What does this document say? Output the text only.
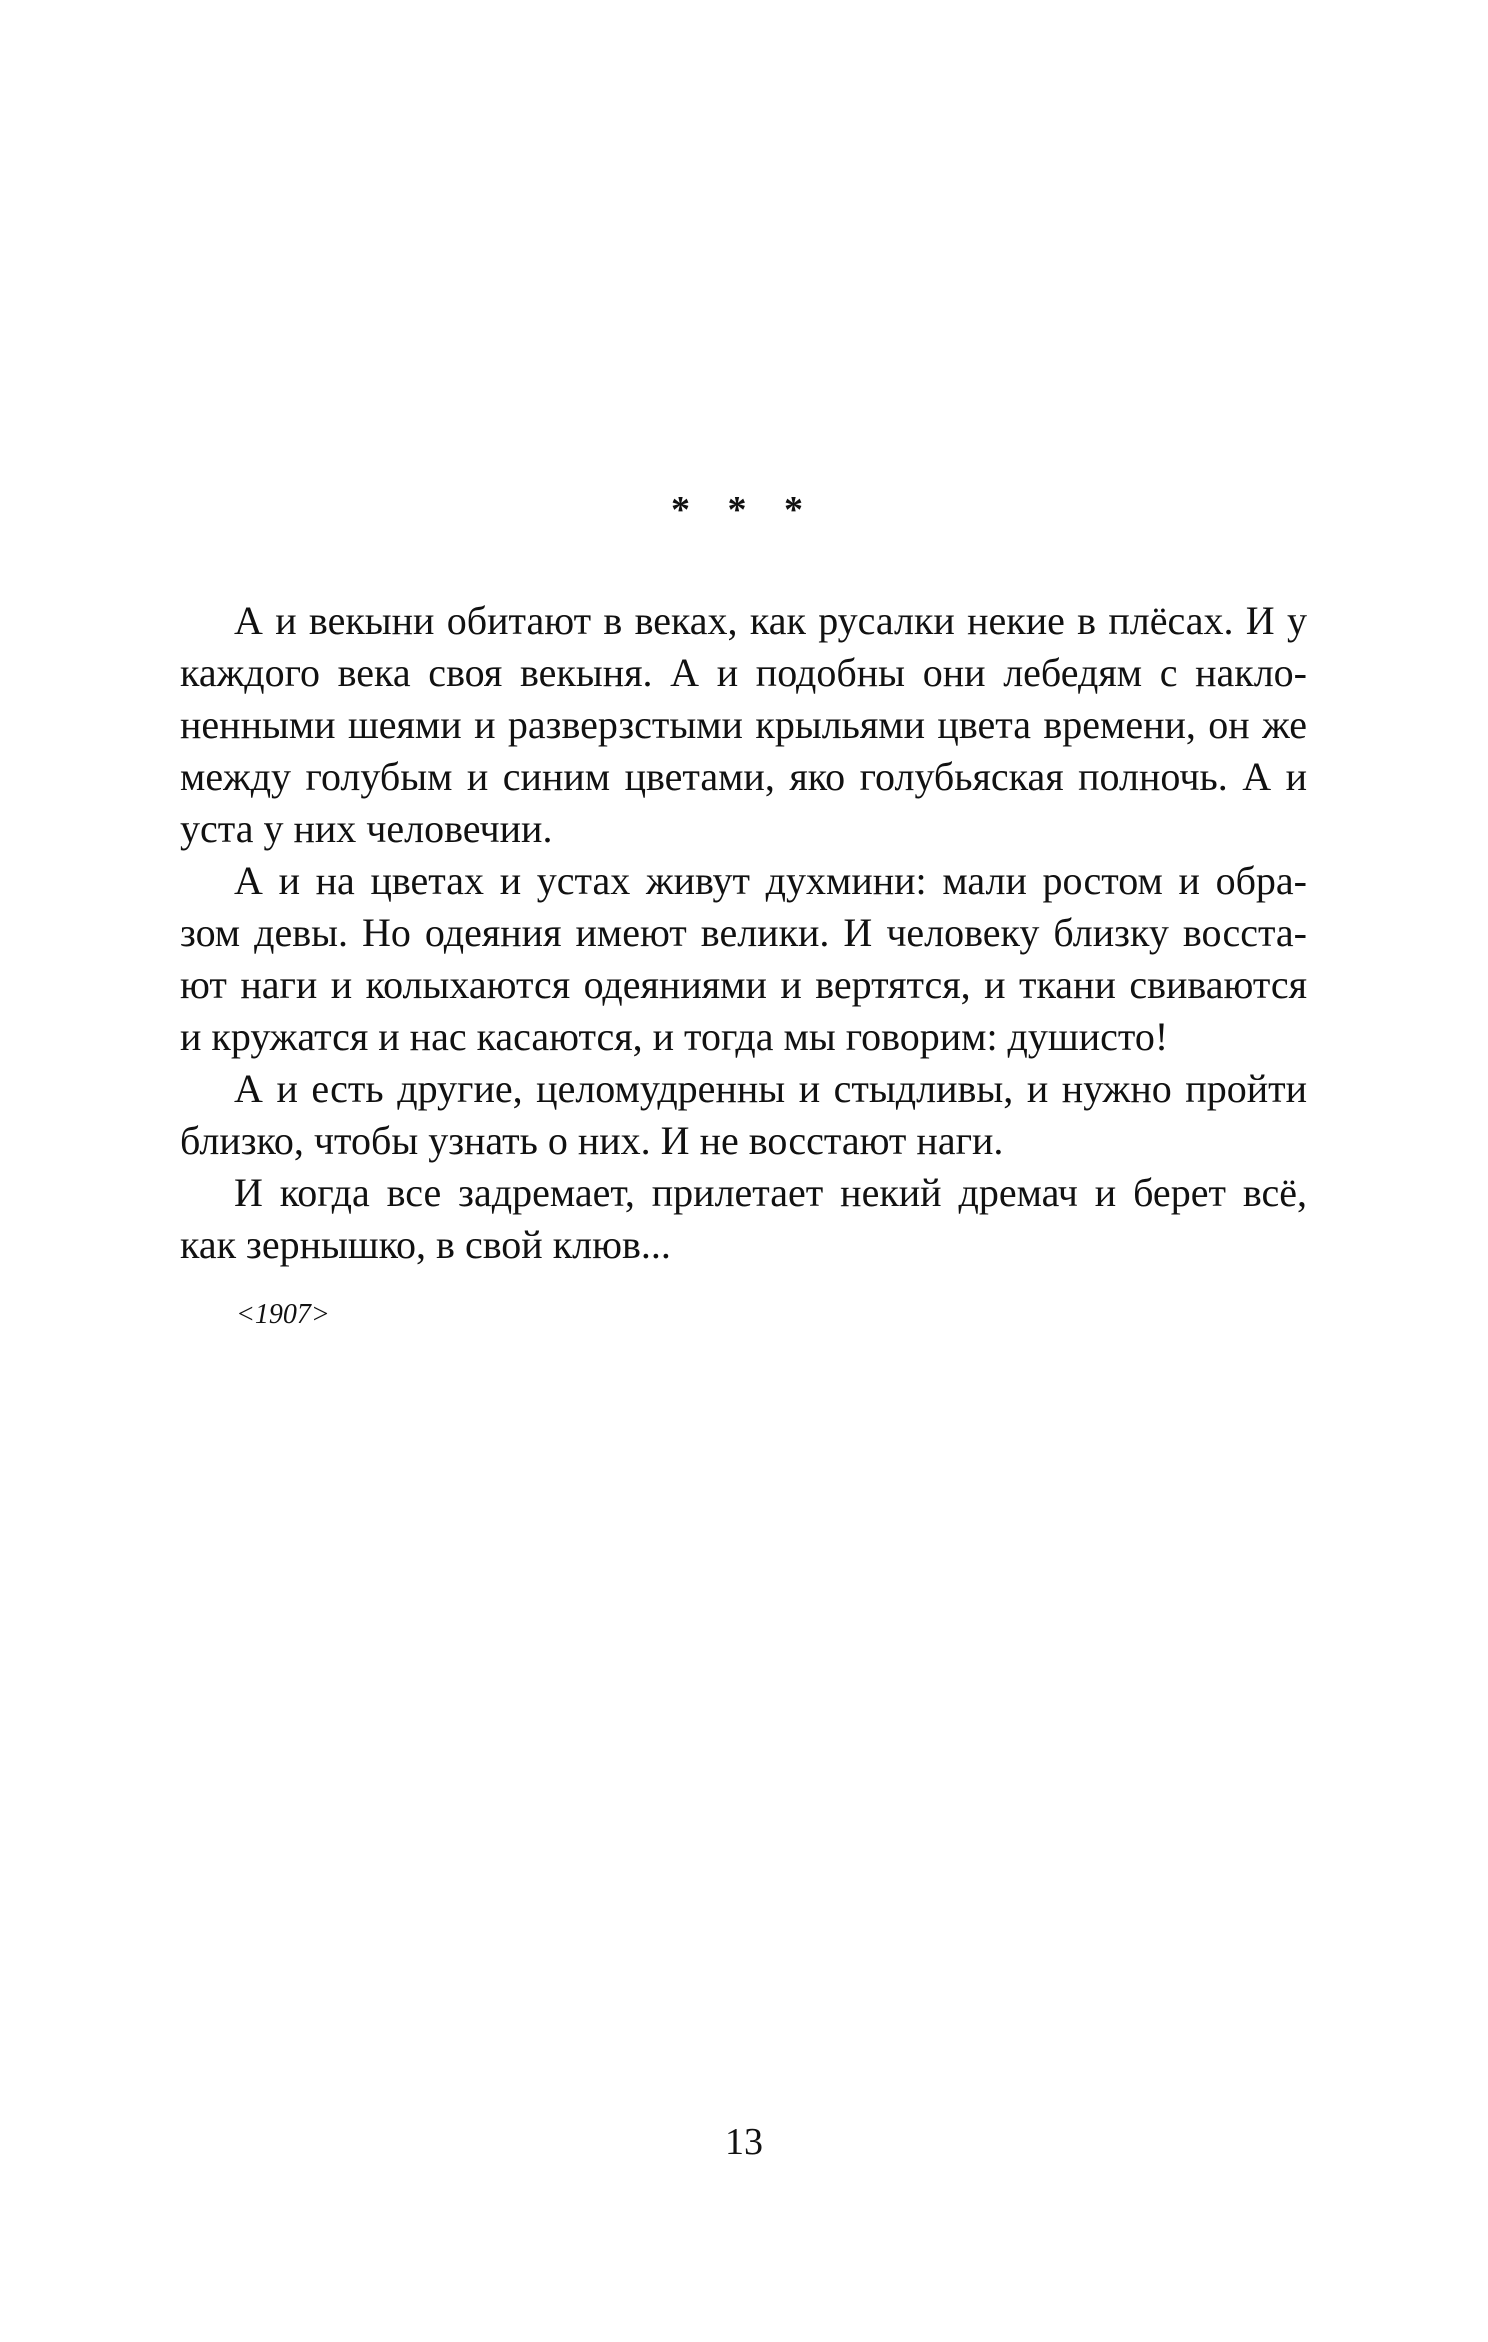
* * *
А и векыни обитают в веках, как русалки некие в плёсах. И у
каждого века своя векыня. А и подобны они лебедям с накло-
ненными шеями и разверзстыми крыльями цвета времени, он же
между голубым и синим цветами, яко голубьяская полночь. А и
уста у них человечии.
А и на цветах и устах живут духмини: мали ростом и обра-
зом девы. Но одеяния имеют велики. И человеку близку восста-
ют наги и колыхаются одеяниями и вертятся, и ткани свиваются
и кружатся и нас касаются, и тогда мы говорим: душисто!
А и есть другие, целомудренны и стыдливы, и нужно пройти
близко, чтобы узнать о них. И не восстают наги.
И когда все задремает, прилетает некий дремач и берет всё,
как зернышко, в свой клюв...
<1907>
13
